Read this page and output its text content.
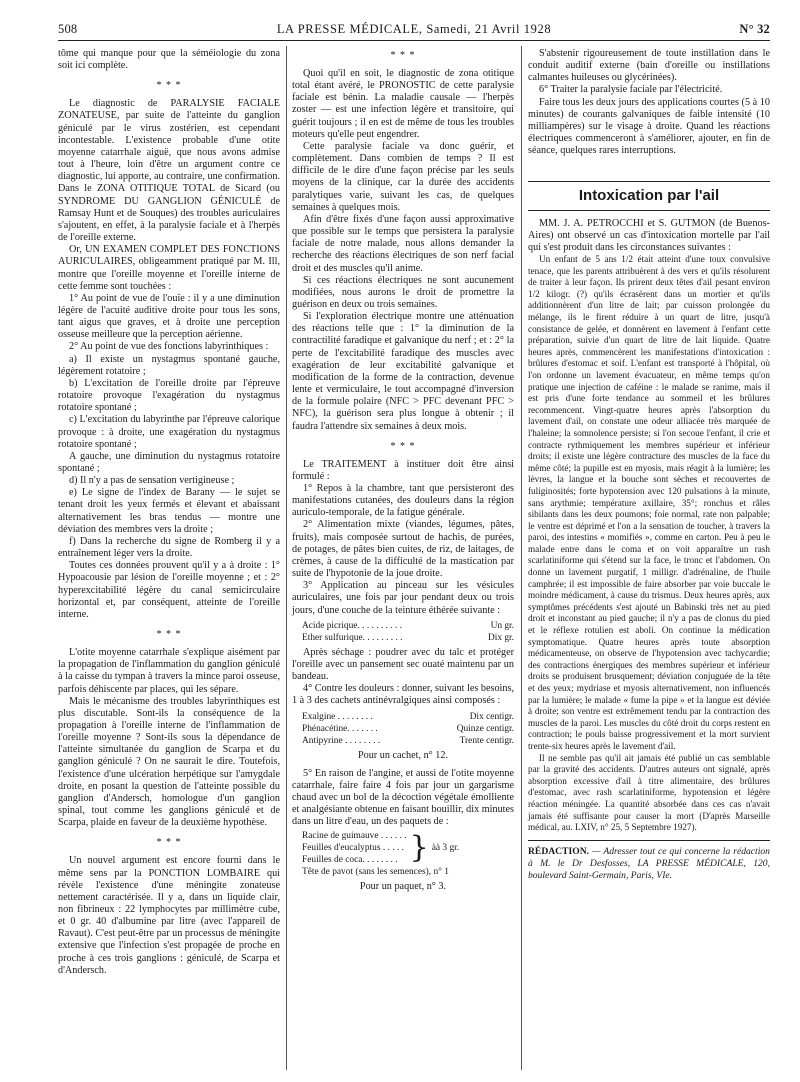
508	LA PRESSE MÉDICALE, Samedi, 21 Avril 1928	N° 32

tôme qui manque pour que la séméiologie du zona soit ici complète.

* * *

Le diagnostic de PARALYSIE FACIALE ZONATEUSE, par suite de l'atteinte du ganglion géniculé par le virus zostérien, est cependant incontestable. L'existence probable d'une otite moyenne catarrhale aiguë, que nous avons admise tout à l'heure, loin d'être un argument contre ce diagnostic, lui apporte, au contraire, une confirmation. Dans le ZONA OTITIQUE TOTAL de Sicard (ou SYNDROME DU GANGLION GÉNICULÉ de Ramsay Hunt et de Souques) des troubles auriculaires s'ajoutent, en effet, à la paralysie faciale et à l'herpès de l'oreille externe.

Or, UN EXAMEN COMPLET DES FONCTIONS AURICULAIRES, obligeamment pratiqué par M. Ill, montre que l'oreille moyenne et l'oreille interne de cette femme sont touchées :

1° Au point de vue de l'ouïe : il y a une diminution légère de l'acuité auditive droite pour tous les sons, tant aigus que graves, et à droite une perception osseuse meilleure que la perception aérienne.

2° Au point de vue des fonctions labyrinthiques :

a) Il existe un nystagmus spontané gauche, légèrement rotatoire ;

b) L'excitation de l'oreille droite par l'épreuve rotatoire provoque l'exagération du nystagmus rotatoire spontané ;

c) L'excitation du labyrinthe par l'épreuve calorique provoque : à droite, une exagération du nystagmus rotatoire spontané ;

A gauche, une diminution du nystagmus rotatoire spontané ;

d) Il n'y a pas de sensation vertigineuse ;

e) Le signe de l'index de Barany — le sujet se tenant droit les yeux fermés et élevant et abaissant alternativement les bras tendus — montre une déviation des membres vers la droite ;

f) Dans la recherche du signe de Romberg il y a entraînement léger vers la droite.

Toutes ces données prouvent qu'il y a à droite : 1° Hypoacousie par lésion de l'oreille moyenne ; et : 2° hyperexcitabilité légère du canal semicirculaire horizontal et, par conséquent, atteinte de l'oreille interne.

* * *

L'otite moyenne catarrhale s'explique aisément par la propagation de l'inflammation du ganglion géniculé à la caisse du tympan à travers la mince paroi osseuse, parfois déhiscente par places, qui les sépare.

Mais le mécanisme des troubles labyrinthiques est plus discutable. Sont-ils la conséquence de la propagation à l'oreille interne de l'inflammation de l'oreille moyenne ? Sont-ils sous la dépendance de l'atteinte simultanée du ganglion de Scarpa et du ganglion géniculé ? On ne saurait le dire. Toutefois, l'existence d'une ulcération herpétique sur l'amygdale droite, en posant la question de l'atteinte possible du ganglion d'Andersch, homologue d'un ganglion spinal, tout comme les ganglions géniculé et de Scarpa, plaide en faveur de la deuxième hypothèse.

* * *

Un nouvel argument est encore fourni dans le même sens par la PONCTION LOMBAIRE qui révèle l'existence d'une méningite zonateuse nettement caractérisée. Il y a, dans un liquide clair, non fibrineux : 22 lymphocytes par millimètre cube, et 0 gr. 40 d'albumine par litre (avec l'appareil de Ravaut). C'est peut-être par un processus de méningite extensive que l'infection s'est propagée de proche en proche à ces trois ganglions : géniculé, de Scarpa et d'Andersch.

* * *

Quoi qu'il en soit, le diagnostic de zona otitique total étant avéré, le PRONOSTIC de cette paralysie faciale est bénin. La maladie causale — l'herpès zoster — est une infection légère et transitoire, qui guérit toujours ; il en est de même de tous les troubles moteurs qu'elle peut engendrer.

Cette paralysie faciale va donc guérir, et complètement. Dans combien de temps ? Il est difficile de le dire d'une façon précise par les seuls moyens de la clinique, car la durée des accidents paralytiques varie, suivant les cas, de quelques semaines à quelques mois.

Afin d'être fixés d'une façon aussi approximative que possible sur le temps que persistera la paralysie faciale de notre malade, nous allons demander la recherche des réactions électriques de son nerf facial droit et des muscles qu'il anime.

Si ces réactions électriques ne sont aucunement modifiées, nous aurons le droit de promettre la guérison en deux ou trois semaines.

Si l'exploration électrique montre une atténuation des réactions telle que : 1° la diminution de la contractilité faradique et galvanique du nerf ; et : 2° la perte de l'excitabilité faradique des muscles avec exagération de leur excitabilité galvanique et modification de la forme de la contraction, devenue lente et vermiculaire, le tout accompagné d'inversion de la formule polaire (NFC > PFC devenant PFC > NFC), la guérison sera plus longue à obtenir ; il faudra l'attendre six semaines à deux mois.

* * *

Le TRAITEMENT à instituer doit être ainsi formulé :

1° Repos à la chambre, tant que persisteront des manifestations cutanées, des douleurs dans la région auriculo-temporale, de la fatigue générale.

2° Alimentation mixte (viandes, légumes, pâtes, fruits), mais composée surtout de hachis, de purées, de potages, de pâtes bien cuites, de riz, de laitages, de crèmes, à cause de la difficulté de la mastication par suite de l'hypotonie de la joue droite.

3° Application au pinceau sur les vésicules auriculaires, une fois par jour pendant deux ou trois jours, d'une couche de la teinture éthérée suivante :

Acide picrique. . . . . . . . . .	Un gr.
Ether sulfurique. . . . . . . . .	Dix gr.

Après séchage : poudrer avec du talc et protéger l'oreille avec un pansement sec ouaté maintenu par un bandeau.

4° Contre les douleurs : donner, suivant les besoins, 1 à 3 des cachets antinévralgiques ainsi composés :

Exalgine . . . . . . . .	Dix centigr.
Phénacétine. . . . . . .	Quinze centigr.
Antipyrine . . . . . . . .	Trente centigr.

Pour un cachet, n° 12.

5° En raison de l'angine, et aussi de l'otite moyenne catarrhale, faire faire 4 fois par jour un gargarisme chaud avec un bol de la décoction végétale émolliente et analgésiante obtenue en faisant bouillir, dix minutes dans un litre d'eau, un des paquets de :

Racine de guimauve . . . . . .
Feuilles d'eucalyptus . . . . .
Feuilles de coca. . . . . . . . } àà 3 gr.
Tête de pavot (sans les semences), n° 1

Pour un paquet, n° 3.

S'abstenir rigoureusement de toute instillation dans le conduit auditif externe (bain d'oreille ou instillations calmantes huileuses ou glycérinées).

6° Traiter la paralysie faciale par l'électricité.

Faire tous les deux jours des applications courtes (5 à 10 minutes) de courants galvaniques de faible intensité (10 milliampères) sur le visage à droite. Quand les réactions électriques commenceront à s'améliorer, ajouter, en fin de séance, quelques rares interruptions.

Intoxication par l'ail

MM. J. A. PETROCCHI et S. GUTMON (de Buenos-Aires) ont observé un cas d'intoxication mortelle par l'ail qui s'est produit dans les circonstances suivantes :

Un enfant de 5 ans 1/2 était atteint d'une toux convulsive tenace, que les parents attribuèrent à des vers et qu'ils résolurent de traiter à leur façon. Ils prirent deux têtes d'ail pesant environ 1/2 kilogr. (?) qu'ils écrasèrent dans un mortier et qu'ils additionnèrent d'un litre de lait; par cuisson prolongée du mélange, ils le firent réduire à un quart de litre, jusqu'à consistance de gelée, et donnèrent en lavement à l'enfant cette préparation, suivie d'un quart de litre de lait liquide. Quatre heures après, commencèrent les manifestations d'intoxication : brûlures d'estomac et soif. L'enfant est transporté à l'hôpital, où l'on ordonne un lavement évacuateur, en même temps qu'on pratique une injection de caféine : le malade se ranime, mais il est pris d'une forte tendance au sommeil et les brûlures recommencent. Vingt-quatre heures après l'absorption du lavement d'ail, on constate une odeur alliacée très marquée de l'haleine; la somnolence persiste; si l'on secoue l'enfant, il crie et contracte rythmiquement les membres supérieur et inférieur droits; il existe une légère contracture des muscles de la face du même côté; la pupille est en myosis, mais réagit à la lumière; les lèvres, la langue et la bouche sont sèches et recouvertes de fuliginosités; forte hypotension avec 120 pulsations à la minute, sans arythmie; température axillaire, 35°; ronchus et râles sibilants dans les deux poumons; foie normal, rate non palpable; le ventre est déprimé et l'on a la sensation de toucher, à travers la paroi, des intestins « momifiés », comme en carton. Peu à peu le malade entre dans le coma et on voit apparaître un rash scarlatiniforme qui s'étend sur la face, le tronc et l'abdomen. On donne un lavement purgatif, 1 milligr. d'adrénaline, de l'huile camphrée; il est impossible de faire absorber par voie buccale le moindre médicament, à cause du trismus. Deux heures après, aux symptômes précédents s'est ajouté un Babinski très net au pied droit et inconstant au pied gauche; il n'y a pas de clonus du pied et le réflexe rotulien est aboli. On continue la médication symptomatique. Quatre heures après toute absorption médicamenteuse, on observe de l'hypotension avec tachycardie; des contractions énergiques des membres supérieur et inférieur droits se produisent brusquement; déviation conjuguée de la tête et des yeux; mydriase et myosis alternativement, non influencés par la lumière; le malade « fume la pipe » et la langue est déviée à droite; son ventre est extrêmement tendu par la contraction des muscles de la paroi. Les muscles du côté droit du corps restent en contraction; le pouls baisse progressivement et la mort survient trente-six heures après le lavement d'ail.

Il ne semble pas qu'il ait jamais été publié un cas semblable par la gravité des accidents. D'autres auteurs ont signalé, après absorption excessive d'ail à titre alimentaire, des brûlures d'estomac, avec rash scarlatiniforme, hypotension et légère réaction méningée. La quantité absorbée dans ces cas n'avait jamais été suffisante pour causer la mort (D'après Marseille médical, au. LXIV, n° 25, 5 Septembre 1927).

RÉDACTION. — Adresser tout ce qui concerne la rédaction à M. le Dr Desfosses, LA PRESSE MÉDICALE, 120, boulevard Saint-Germain, Paris, VIe.
